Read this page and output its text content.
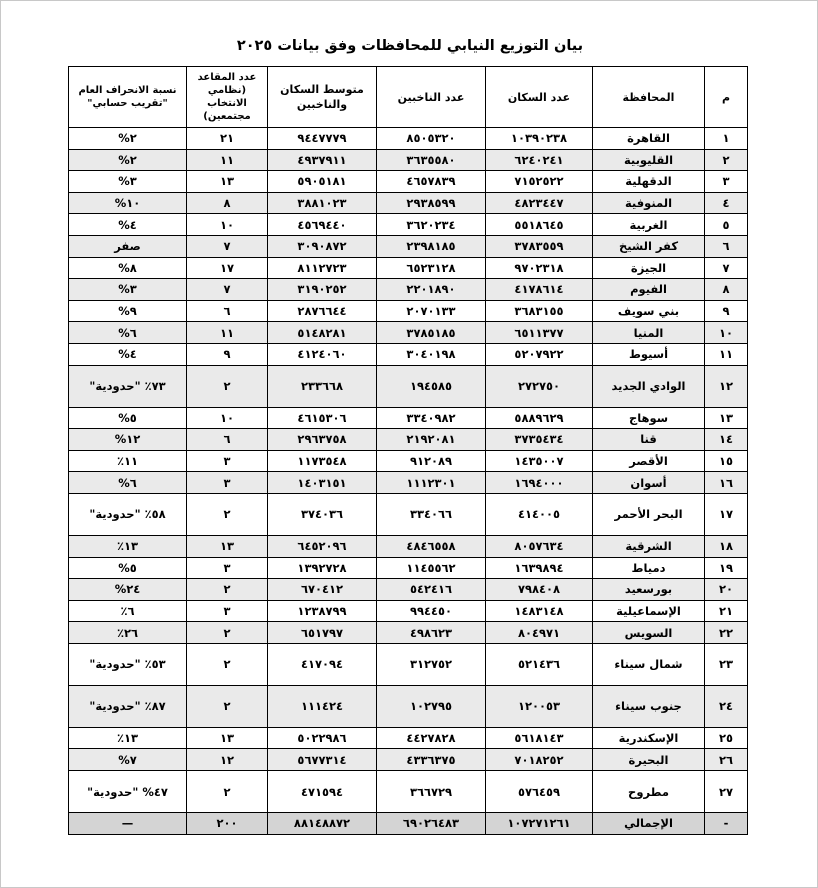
بيان التوزيع النيابي للمحافظات وفق بيانات ٢٠٢٥
م	المحافظة	عدد السكان	عدد الناخبين	متوسط السكان والناخبين	عدد المقاعد (نظامي الانتخاب مجتمعين)	نسبة الانحراف العام "تقريب حسابي"
١	القاهرة	١٠٣٩٠٢٣٨	٨٥٠٥٣٢٠	٩٤٤٧٧٧٩	٢١	٢%
٢	القليوبية	٦٢٤٠٢٤١	٣٦٣٥٥٨٠	٤٩٣٧٩١١	١١	٢%
٣	الدقهلية	٧١٥٢٥٢٢	٤٦٥٧٨٣٩	٥٩٠٥١٨١	١٣	٣%
٤	المنوفية	٤٨٢٣٤٤٧	٢٩٣٨٥٩٩	٣٨٨١٠٢٣	٨	١٠%
٥	الغربية	٥٥١٨٦٤٥	٣٦٢٠٢٣٤	٤٥٦٩٤٤٠	١٠	٤%
٦	كفر الشيخ	٣٧٨٣٥٥٩	٢٣٩٨١٨٥	٣٠٩٠٨٧٢	٧	صفر
٧	الجيزة	٩٧٠٢٣١٨	٦٥٢٣١٢٨	٨١١٢٧٢٣	١٧	٨%
٨	الفيوم	٤١٧٨٦١٤	٢٢٠١٨٩٠	٣١٩٠٢٥٢	٧	٣%
٩	بني سويف	٣٦٨٣١٥٥	٢٠٧٠١٣٣	٢٨٧٦٦٤٤	٦	٩%
١٠	المنيا	٦٥١١٣٧٧	٣٧٨٥١٨٥	٥١٤٨٢٨١	١١	٦%
١١	أسيوط	٥٢٠٧٩٢٢	٣٠٤٠١٩٨	٤١٢٤٠٦٠	٩	٤%
١٢	الوادي الجديد	٢٧٢٧٥٠	١٩٤٥٨٥	٢٣٣٦٦٨	٢	٧٣٪ "حدودية"
١٣	سوهاج	٥٨٨٩٦٢٩	٣٣٤٠٩٨٢	٤٦١٥٣٠٦	١٠	٥%
١٤	قنا	٣٧٣٥٤٣٤	٢١٩٢٠٨١	٢٩٦٣٧٥٨	٦	١٢%
١٥	الأقصر	١٤٣٥٠٠٧	٩١٢٠٨٩	١١٧٣٥٤٨	٣	١١٪
١٦	أسوان	١٦٩٤٠٠٠	١١١٢٣٠١	١٤٠٣١٥١	٣	٦%
١٧	البحر الأحمر	٤١٤٠٠٥	٣٣٤٠٦٦	٣٧٤٠٣٦	٢	٥٨٪ "حدودية"
١٨	الشرقية	٨٠٥٧٦٣٤	٤٨٤٦٥٥٨	٦٤٥٢٠٩٦	١٣	١٣٪
١٩	دمياط	١٦٣٩٨٩٤	١١٤٥٥٦٢	١٣٩٢٧٢٨	٣	٥%
٢٠	بورسعيد	٧٩٨٤٠٨	٥٤٢٤١٦	٦٧٠٤١٢	٢	٢٤%
٢١	الإسماعيلية	١٤٨٣١٤٨	٩٩٤٤٥٠	١٢٣٨٧٩٩	٣	٦٪
٢٢	السويس	٨٠٤٩٧١	٤٩٨٦٢٣	٦٥١٧٩٧	٢	٢٦٪
٢٣	شمال سيناء	٥٢١٤٣٦	٣١٢٧٥٢	٤١٧٠٩٤	٢	٥٣٪ "حدودية"
٢٤	جنوب سيناء	١٢٠٠٥٣	١٠٢٧٩٥	١١١٤٢٤	٢	٨٧٪ "حدودية"
٢٥	الإسكندرية	٥٦١٨١٤٣	٤٤٢٧٨٢٨	٥٠٢٢٩٨٦	١٣	١٣٪
٢٦	البحيرة	٧٠١٨٢٥٢	٤٣٣٦٣٧٥	٥٦٧٧٣١٤	١٢	٧%
٢٧	مطروح	٥٧٦٤٥٩	٣٦٦٧٢٩	٤٧١٥٩٤	٢	٤٧% "حدودية"
-	الإجمالي	١٠٧٢٧١٢٦١	٦٩٠٢٦٤٨٣	٨٨١٤٨٨٧٢	٢٠٠	—
